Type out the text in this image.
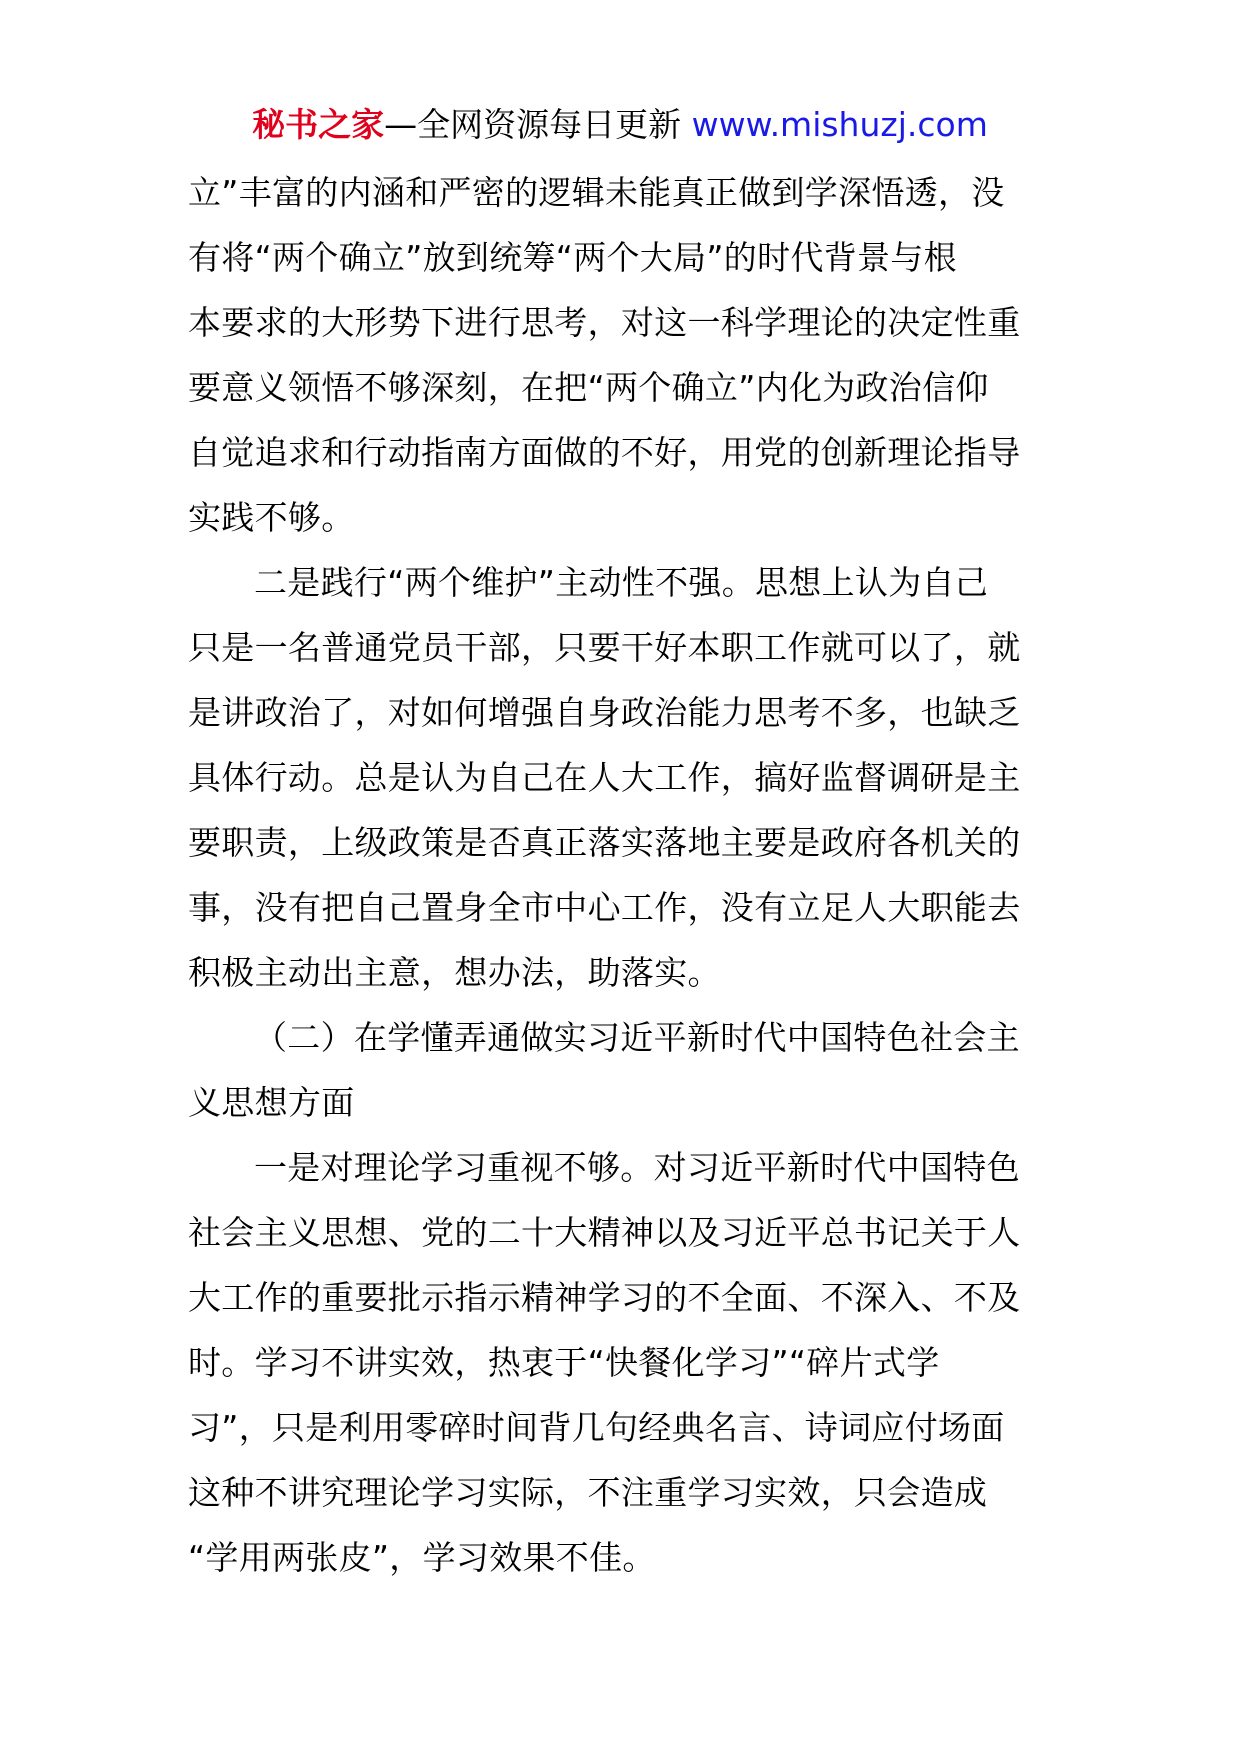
秘书之家—全网资源每日更新 www.mishuzj.com
立”丰富的内涵和严密的逻辑未能真正做到学深悟透，没
有将“两个确立”放到统筹“两个大局”的时代背景与根
本要求的大形势下进行思考，对这一科学理论的决定性重
要意义领悟不够深刻，在把“两个确立”内化为政治信仰
自觉追求和行动指南方面做的不好，用党的创新理论指导
实践不够。
二是践行“两个维护”主动性不强。思想上认为自己
只是一名普通党员干部，只要干好本职工作就可以了，就
是讲政治了，对如何增强自身政治能力思考不多，也缺乏
具体行动。总是认为自己在人大工作，搞好监督调研是主
要职责，上级政策是否真正落实落地主要是政府各机关的
事，没有把自己置身全市中心工作，没有立足人大职能去
积极主动出主意，想办法，助落实。
（二）在学懂弄通做实习近平新时代中国特色社会主
义思想方面
一是对理论学习重视不够。对习近平新时代中国特色
社会主义思想、党的二十大精神以及习近平总书记关于人
大工作的重要批示指示精神学习的不全面、不深入、不及
时。学习不讲实效，热衷于“快餐化学习”“碎片式学
习”，只是利用零碎时间背几句经典名言、诗词应付场面
这种不讲究理论学习实际，不注重学习实效，只会造成
“学用两张皮”，学习效果不佳。
